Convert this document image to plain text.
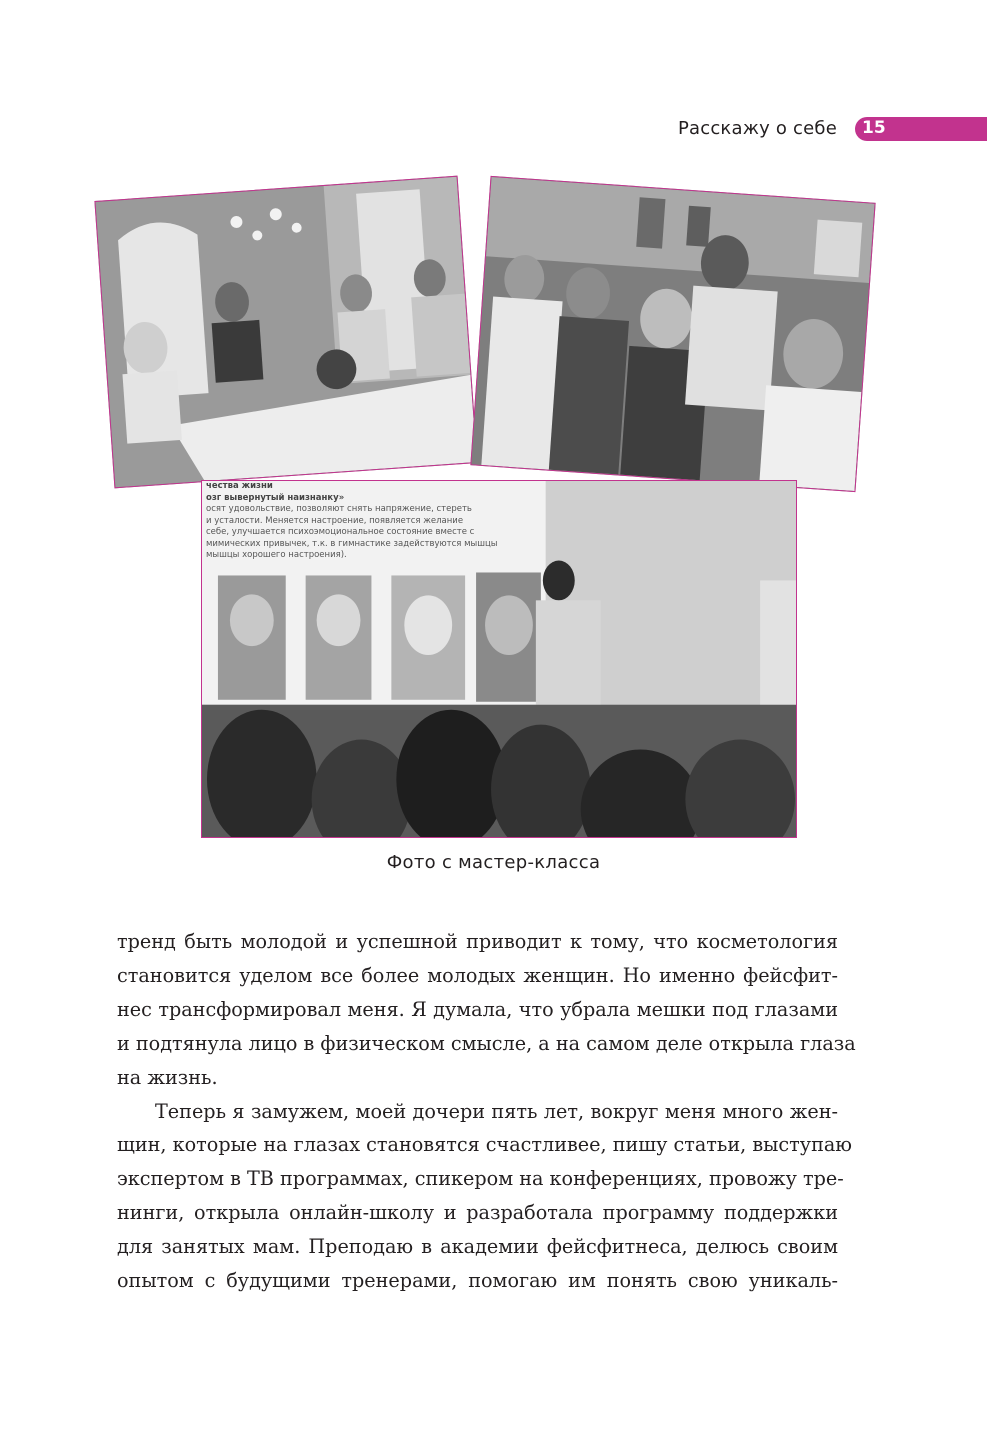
Расскажу о себе 15
чества жизни
озг вывернутый наизнанку»
осят удовольствие, позволяют снять напряжение, стереть
и усталости. Меняется настроение, появляется желание
себе, улучшается психоэмоциональное состояние вместе с
мимических привычек, т.к. в гимнастике задействуются мышцы
мышцы хорошего настроения).
Фото с мастер-класса
тренд быть молодой и успешной приводит к тому, что косметология
становится уделом все более молодых женщин. Но именно фейсфит-
нес трансформировал меня. Я думала, что убрала мешки под глазами
и подтянула лицо в физическом смысле, а на самом деле открыла глаза
на жизнь.
Теперь я замужем, моей дочери пять лет, вокруг меня много жен-
щин, которые на глазах становятся счастливее, пишу статьи, выступаю
экспертом в ТВ программах, спикером на конференциях, провожу тре-
нинги, открыла онлайн-школу и разработала программу поддержки
для занятых мам. Преподаю в академии фейсфитнеса, делюсь своим
опытом с будущими тренерами, помогаю им понять свою уникаль-
